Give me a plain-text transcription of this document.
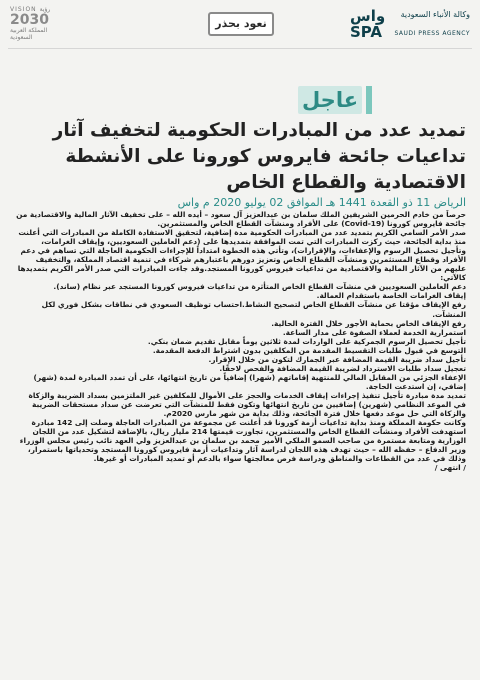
VISION رؤية
2030
المملكة العربية السعودية
نعود بحذر	واس SPA
وكالة الأنباء السعودية
SAUDI PRESS AGENCY
عاجل
تمديد عدد من المبادرات الحكومية لتخفيف آثار تداعيات جائحة فايروس كورونا على الأنشطة الاقتصادية والقطاع الخاص
الرياض 11 ذو القعدة 1441 هـ الموافق 02 يوليو 2020 م واس

حرصاً من خادم الحرمين الشريفين الملك سلمان بن عبدالعزيز آل سعود – أيده الله – على تخفيف الآثار المالية والاقتصادية من جائحة فايروس كورونا (Covid-19) على الأفراد ومنشآت القطاع الخاص والمستثمرين.

صدر الأمر السامي الكريم بتمديد عدد من المبادرات الحكومية مدة إضافية، لتحقيق الاستفادة الكاملة من المبادرات التي أعلنت منذ بداية الجائحة، حيث ركزت المبادرات التي تمت الموافقة بتمديدها على (دعم العاملين السعوديين، وإيقاف الغرامات، وتأجيل تحصيل الرسوم والإعفاءات، والإقرارات)، وتأتي هذه الخطوة امتداداً للإجراءات الحكومية العاجلة التي تساهم في دعم الأفراد وقطاع المستثمرين ومنشآت القطاع الخاص وتعزيز دورهم باعتبارهم شركاء في تنمية اقتصاد المملكة، والتخفيف عليهم من الآثار المالية والاقتصادية من تداعيات فيروس كورونا المستجد.وقد جاءت المبادرات التي صدر الأمر الكريم بتمديدها كالآتي:

دعم العاملين السعوديين في منشآت القطاع الخاص المتأثرة من تداعيات فيروس كورونا المستجد عبر نظام (ساند).

إيقاف الغرامات الخاصة باستقدام العمالة.

رفع الإيقاف مؤقتا عن منشآت القطاع الخاص لتصحيح النشاط.احتساب توظيف السعودي في نطاقات بشكل فوري لكل المنشآت.

رفع الإيقاف الخاص بحماية الأجور خلال الفترة الحالية.

استمرارية الخدمة لعملاء الصفوة على مدار الساعة.

تأجيل تحصيل الرسوم الجمركية على الواردات لمدة ثلاثين يوماً مقابل تقديم ضمان بنكي.

التوسع في قبول طلبات التقسيط المقدمة من المكلفين بدون اشتراط الدفعة المقدمة.

تأجيل سداد ضريبة القيمة المضافة عبر الجمارك لتكون من خلال الإقرار.

تعجيل سداد طلبات الاسترداد لضريبة القيمة المضافة والفحص لاحقًا.

الإعفاء الجزئي من المقابل المالي للمنتهية إقاماتهم (شهرا) إضافياً من تاريخ انتهائها، على أن تمدد المبادرة لمدة (شهر) إضافي، إن استدعت الحاجة.

تمديد مدة مبادرة تأجيل تنفيذ إجراءات إيقاف الخدمات والحجز على الأموال للمكلفين غير الملتزمين بسداد الضريبة والزكاة في الموعد النظامي (شهرين) إضافيين من تاريخ انتهائها وتكون فقط للمنشآت التي تعرضت عن سداد مستحقات الضريبة والزكاة التي حل موعد دفعها خلال فترة الجائحة، وذلك بداية من شهر مارس 2020م.

وكانت حكومة المملكة ومنذ بداية تداعيات أزمة كورونا قد أعلنت عن مجموعة من المبادرات العاجلة وصلت إلى 142 مبادرة استهدفت الأفراد ومنشآت القطاع الخاص والمستثمرين، تجاوزت قيمتها 214 مليار ريال، بالإضافة لتشكيل عدد من اللجان الوزارية ومتابعة مستمرة من صاحب السمو الملكي الأمير محمد بن سلمان بن عبدالعزيز ولي العهد نائب رئيس مجلس الوزراء وزير الدفاع – حفظه الله – حيث تهدف هذه اللجان لدراسة آثار وتداعيات أزمة فايروس كورونا المستجد وتحدياتها باستمرار، وذلك في عدد من القطاعات والمناطق ودراسة فرص معالجتها سواء بالدعم أو تمديد المبادرات أو غيرها.

/ انتهى /
